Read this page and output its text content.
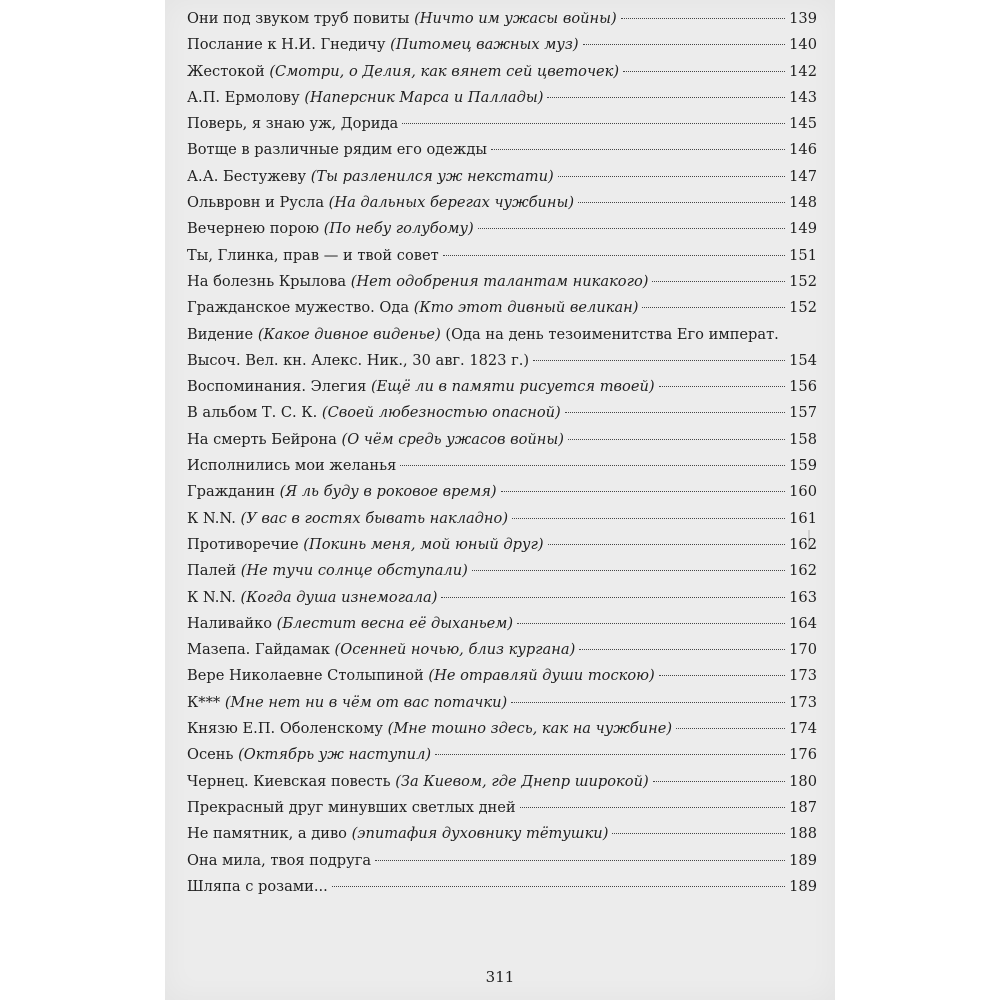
Они под звуком труб повиты (Ничто им ужасы войны)	139
Послание к Н.И. Гнедичу (Питомец важных муз)	140
Жестокой (Смотри, о Делия, как вянет сей цветочек)	142
А.П. Ермолову (Наперсник Марса и Паллады)	143
Поверь, я знаю уж, Дорида	145
Вотще в различные рядим его одежды	146
А.А. Бестужеву (Ты разленился уж некстати)	147
Ольвровн и Русла (На дальных берегах чужбины)	148
Вечернею порою (По небу голубому)	149
Ты, Глинка, прав — и твой совет	151
На болезнь Крылова (Нет одобрения талантам никакого)	152
Гражданское мужество. Ода (Кто этот дивный великан)	152
Видение (Какое дивное виденье) (Ода на день тезоименитства Его императ.
Высоч. Вел. кн. Алекс. Ник., 30 авг. 1823 г.)	154
Воспоминания. Элегия (Ещё ли в памяти рисуется твоей)	156
В альбом Т. С. К. (Своей любезностью опасной)	157
На смерть Бейрона (О чём средь ужасов войны)	158
Исполнились мои желанья	159
Гражданин (Я ль буду в роковое время)	160
К N.N. (У вас в гостях бывать накладно)	161
Противоречие (Покинь меня, мой юный друг)	162
Палей (Не тучи солнце обступали)	162
К N.N. (Когда душа изнемогала)	163
Наливайко (Блестит весна её дыханьем)	164
Мазепа. Гайдамак (Осенней ночью, близ кургана)	170
Вере Николаевне Столыпиной (Не отравляй души тоскою)	173
К*** (Мне нет ни в чём от вас потачки)	173
Князю Е.П. Оболенскому (Мне тошно здесь, как на чужбине)	174
Осень (Октябрь уж наступил)	176
Чернец. Киевская повесть (За Киевом, где Днепр широкой)	180
Прекрасный друг минувших светлых дней	187
Не памятник, а диво (эпитафия духовнику тётушки)	188
Она мила, твоя подруга	189
Шляпа с розами...	189
311
